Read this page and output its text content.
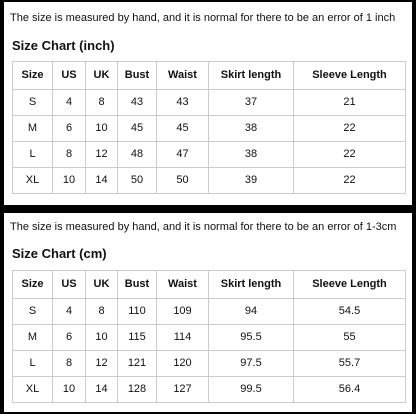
The size is measured by hand, and it is normal for there to be an error of 1 inch
Size Chart (inch)
Size	US	UK	Bust	Waist	Skirt length	Sleeve Length
S	4	8	43	43	37	21
M	6	10	45	45	38	22
L	8	12	48	47	38	22
XL	10	14	50	50	39	22
The size is measured by hand, and it is normal for there to be an error of 1-3cm
Size Chart (cm)
Size	US	UK	Bust	Waist	Skirt length	Sleeve Length
S	4	8	110	109	94	54.5
M	6	10	115	114	95.5	55
L	8	12	121	120	97.5	55.7
XL	10	14	128	127	99.5	56.4
